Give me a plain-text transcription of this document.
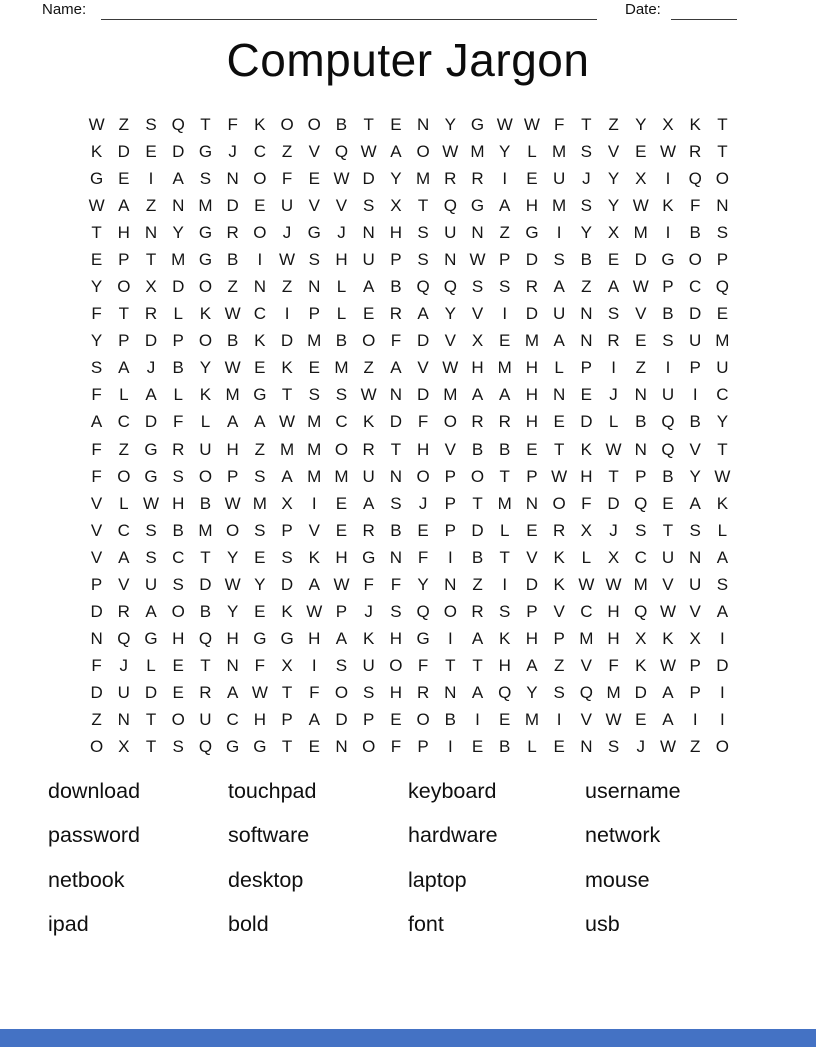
Name:	Date:
Computer Jargon
W Z S Q T F K O O B T E N Y G W W F T Z Y X K T
K D E D G J C Z V Q W A O W M Y L M S V E W R T
G E	I	A S N O F E W D Y M R R	I	E U J	Y X	I	Q O
W A Z N M D E U V V S X T Q G A H M S Y W K F N
T H N Y G R O J G J N H S U N Z G	I	Y X M	I	B S
E P T M G B	I W S H U P S N W P D S B E D G O P
Y O X D O Z N Z N L A B Q Q S S R A Z A W P C Q
F T R L K W C	I	P L E R A Y V	I	D U N S V B D E
Y P D P O B K D M B O F D V X E M A N R E S U M
S A	J	B Y W E K E M Z A V W H M H L P	I	Z	I	P U
F	L A L K M G T S S W N D M A A H N E	J N U	I	C
A C D F	L A A W M C K D F O R R H E D L B Q B Y
F Z G R U H Z M M O R T H V B B E T K W N Q V T
F O G S O P S A M M U N O P O T P W H T P B Y W
V L W H B W M X	I	E A S	J	P T M N O F D Q E A K
V C S B M O S P V E R B E P D L E R X	J	S T S L
V A S C T Y E S K H G N F	I	B T V K L X C U N A
P V U S D W Y D A W F F Y N Z	I	D K W W M V U S
D R A O B Y E K W P	J	S Q O R S P V C H Q W V A
N Q G H Q H G G H A K H G	I	A K H P M H X K X	I
F	J	L E T N F X	I	S U O F T T H A Z V F K W P D
D U D E R A W T F O S H R N A Q Y S Q M D A P	I
Z N T O U C H P A D P E O B	I	E M	I	V W E A	I	I
O X T S Q G G T E N O F P	I	E B L E N S	J W Z O
download	touchpad	keyboard	username
password	software	hardware	network
netbook	desktop	laptop	mouse
ipad	bold	font	usb
